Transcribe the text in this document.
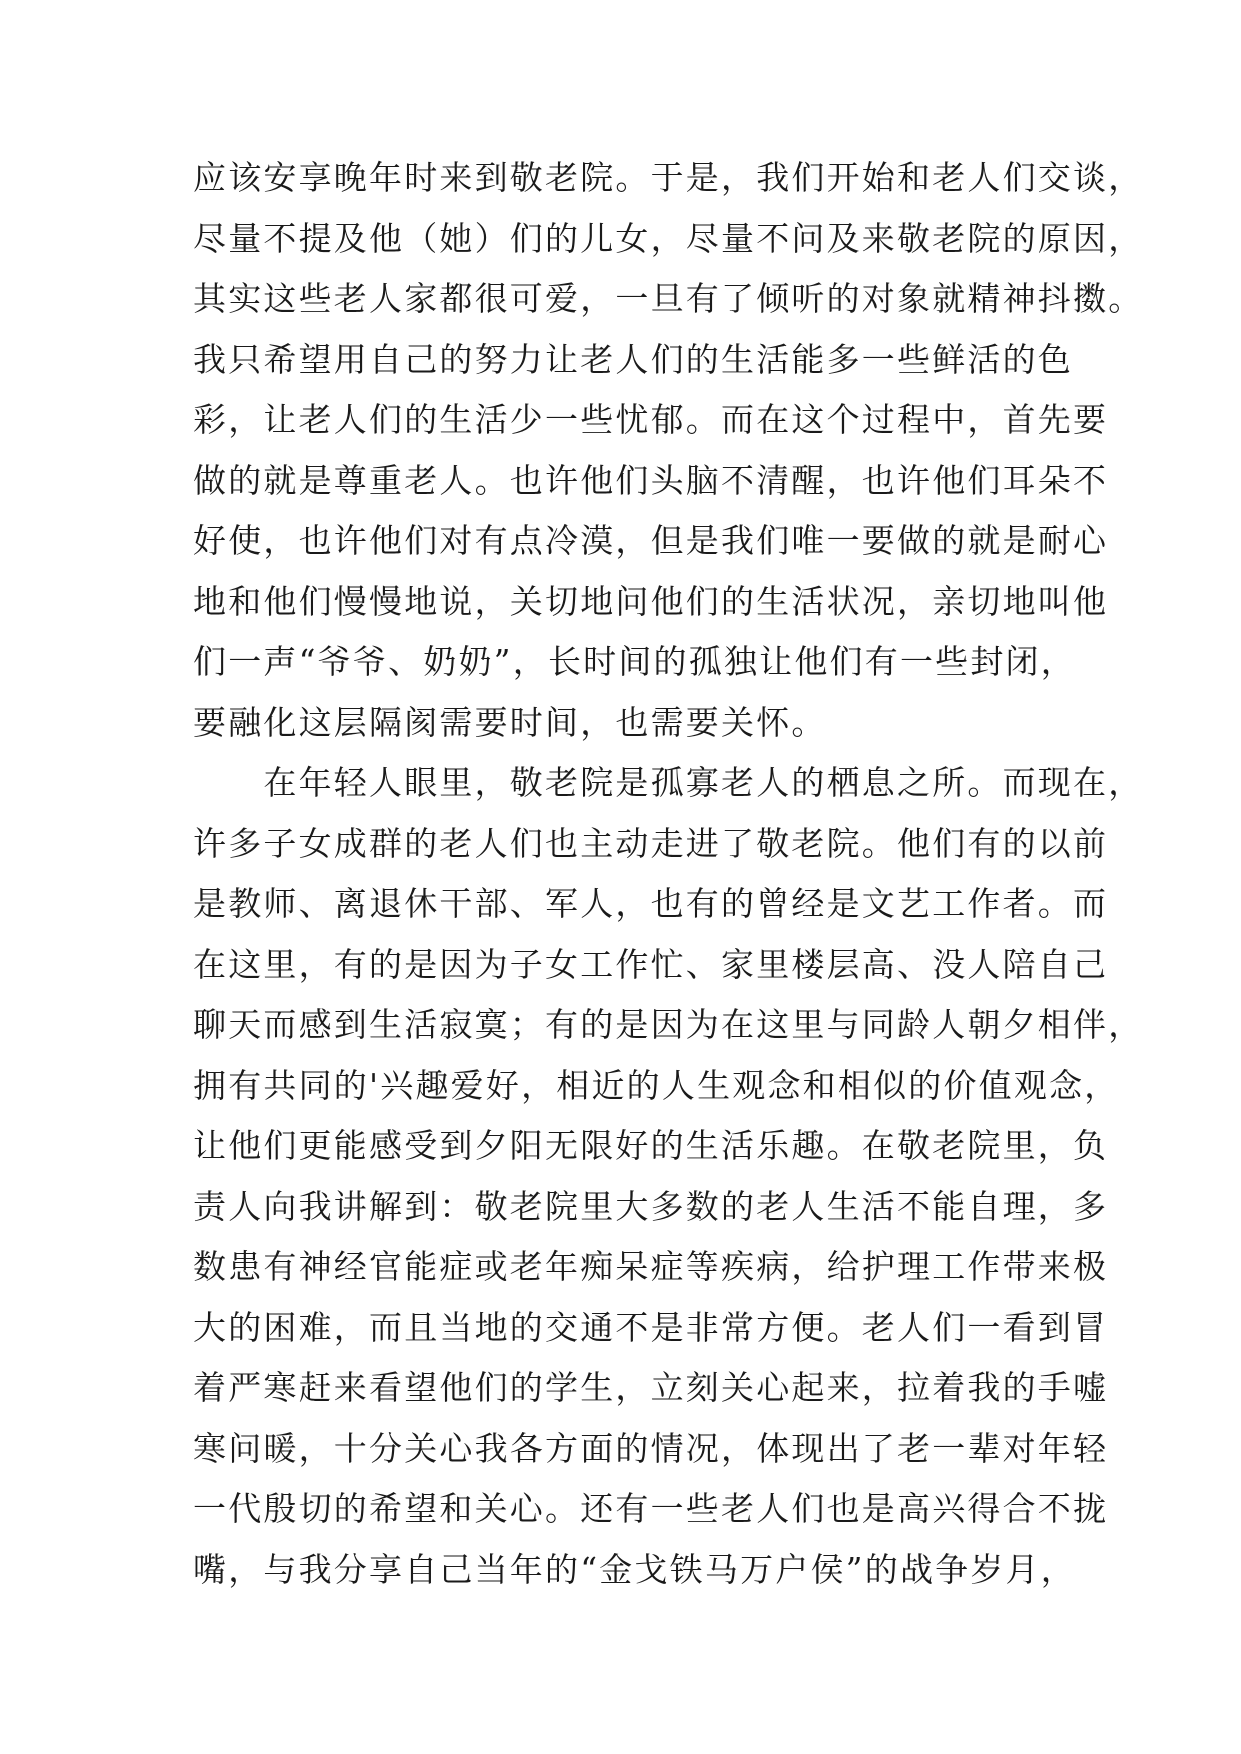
应该安享晚年时来到敬老院。于是，我们开始和老人们交谈，
尽量不提及他（她）们的儿女，尽量不问及来敬老院的原因，
其实这些老人家都很可爱，一旦有了倾听的对象就精神抖擞。
我只希望用自己的努力让老人们的生活能多一些鲜活的色
彩，让老人们的生活少一些忧郁。而在这个过程中，首先要
做的就是尊重老人。也许他们头脑不清醒，也许他们耳朵不
好使，也许他们对有点冷漠，但是我们唯一要做的就是耐心
地和他们慢慢地说，关切地问他们的生活状况，亲切地叫他
们一声“爷爷、奶奶”，长时间的孤独让他们有一些封闭，
要融化这层隔阂需要时间，也需要关怀。
　　在年轻人眼里，敬老院是孤寡老人的栖息之所。而现在，
许多子女成群的老人们也主动走进了敬老院。他们有的以前
是教师、离退休干部、军人，也有的曾经是文艺工作者。而
在这里，有的是因为子女工作忙、家里楼层高、没人陪自己
聊天而感到生活寂寞；有的是因为在这里与同龄人朝夕相伴，
拥有共同的'兴趣爱好，相近的人生观念和相似的价值观念，
让他们更能感受到夕阳无限好的生活乐趣。在敬老院里，负
责人向我讲解到：敬老院里大多数的老人生活不能自理，多
数患有神经官能症或老年痴呆症等疾病，给护理工作带来极
大的困难，而且当地的交通不是非常方便。老人们一看到冒
着严寒赶来看望他们的学生，立刻关心起来，拉着我的手嘘
寒问暖，十分关心我各方面的情况，体现出了老一辈对年轻
一代殷切的希望和关心。还有一些老人们也是高兴得合不拢
嘴，与我分享自己当年的“金戈铁马万户侯”的战争岁月，
